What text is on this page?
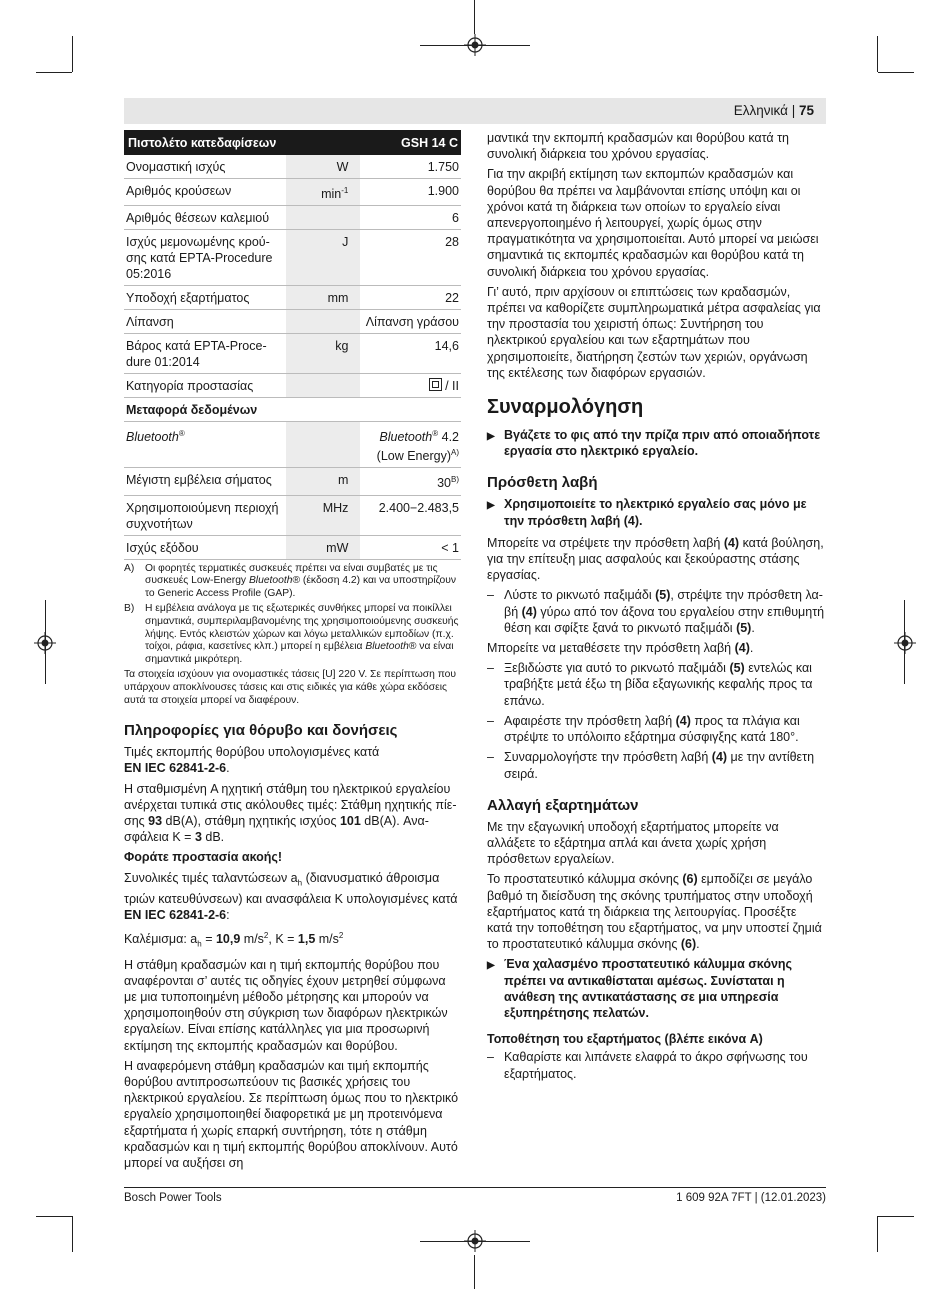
Ελληνικά | 75
Πιστολέτο κατεδαφίσεων		GSH 14 C
Ονομαστική ισχύς	W	1.750
Αριθμός κρούσεων	$\min^{-1}$	1.900
Αριθμός θέσεων καλεμιού		6
Ισχύς μεμονωμένης κρούσης κατά EPTA-Procedure 05:2016	J	28
Υποδοχή εξαρτήματος	mm	22
Λίπανση		Λίπανση γράσου
Βάρος κατά EPTA-Procedure 01:2014	kg	14,6
Κατηγορία προστασίας		/ II
Μεταφορά δεδομένων		
Bluetooth®		Bluetooth® 4.2
(Low Energy)$^{A)}$
Μέγιστη εμβέλεια σήματος	m	$30^{B)}$
Χρησιμοποιούμενη περιοχή συχνοτήτων	MHz	2.400−2.483,5
Ισχύς εξόδου	mW	< 1
A)	Οι φορητές τερματικές συσκευές πρέπει να είναι συμβατές με τις συσκευές Low-Energy Bluetooth® (έκδοση 4.2) και να υποστηρίζουν το Generic Access Profile (GAP).
B)	Η εμβέλεια ανάλογα με τις εξωτερικές συνθήκες μπορεί να ποικίλλει σημαντικά, συμπεριλαμβανομένης της χρησιμοποιούμενης συσκευής λήψης. Εντός κλειστών χώρων και λόγω μεταλλικών εμποδίων (π.χ. τοίχοι, ράφια, κασετίνες κλπ.) μπορεί η εμβέλεια Bluetooth® να είναι σημαντικά μικρότερη.
Τα στοιχεία ισχύουν για ονομαστικές τάσεις [U] 220 V. Σε περίπτωση που υπάρχουν αποκλίνουσες τάσεις και στις ειδικές για κάθε χώρα εκδόσεις αυτά τα στοιχεία μπορεί να διαφέρουν.
Πληροφορίες για θόρυβο και δονήσεις

Τιμές εκπομπής θορύβου υπολογισμένες κατά
EN IEC 62841-2-6.

Η σταθμισμένη A ηχητική στάθμη του ηλεκτρικού εργαλείου ανέρχεται τυπικά στις ακόλουθες τιμές: Στάθμη ηχητικής πίεσης 93 dB(A), στάθμη ηχητικής ισχύος 101 dB(A). Ανασφάλεια K = 3 dB.

Φοράτε προστασία ακοής!

Συνολικές τιμές ταλαντώσεων $a_h$ (διανυσματικό άθροισμα τριών κατευθύνσεων) και ανασφάλεια K υπολογισμένες κατά EN IEC 62841-2-6:

Καλέμισμα: $a_h = 10,9$ $m/s^2$, K = 1,5 $m/s^2$

Η στάθμη κραδασμών και η τιμή εκπομπής θορύβου που αναφέρονται σ’ αυτές τις οδηγίες έχουν μετρηθεί σύμφωνα με μια τυποποιημένη μέθοδο μέτρησης και μπορούν να χρησιμοποιηθούν στη σύγκριση των διαφόρων ηλεκτρικών εργαλείων. Είναι επίσης κατάλληλες για μια προσωρινή εκτίμηση της εκπομπής κραδασμών και θορύβου.

Η αναφερόμενη στάθμη κραδασμών και τιμή εκπομπής θορύβου αντιπροσωπεύουν τις βασικές χρήσεις του ηλεκτρικού εργαλείου. Σε περίπτωση όμως που το ηλεκτρικό εργαλείο χρησιμοποιηθεί διαφορετικά με μη προτεινόμενα εξαρτήματα ή χωρίς επαρκή συντήρηση, τότε η στάθμη κραδασμών και η τιμή εκπομπής θορύβου αποκλίνουν. Αυτό μπορεί να αυξήσει ση

μαντικά την εκπομπή κραδασμών και θορύβου κατά τη συνολική διάρκεια του χρόνου εργασίας.

Για την ακριβή εκτίμηση των εκπομπών κραδασμών και θορύβου θα πρέπει να λαμβάνονται επίσης υπόψη και οι χρόνοι κατά τη διάρκεια των οποίων το εργαλείο είναι απενεργοποιημένο ή λειτουργεί, χωρίς όμως στην πραγματικότητα να χρησιμοποιείται. Αυτό μπορεί να μειώσει σημαντικά τις εκπομπές κραδασμών και θορύβου κατά τη συνολική διάρκεια του χρόνου εργασίας.

Γι’ αυτό, πριν αρχίσουν οι επιπτώσεις των κραδασμών, πρέπει να καθορίζετε συμπληρωματικά μέτρα ασφαλείας για την προστασία του χειριστή όπως: Συντήρηση του ηλεκτρικού εργαλείου και των εξαρτημάτων που χρησιμοποιείτε, διατήρηση ζεστών των χεριών, οργάνωση της εκτέλεσης των διαφόρων εργασιών.

Συναρμολόγηση
▶ Βγάζετε το φις από την πρίζα πριν από οποιαδήποτε εργασία στο ηλεκτρικό εργαλείο.
Πρόσθετη λαβή
▶ Χρησιμοποιείτε το ηλεκτρικό εργαλείο σας μόνο με την πρόσθετη λαβή (4).

Μπορείτε να στρέψετε την πρόσθετη λαβή (4) κατά βούληση, για την επίτευξη μιας ασφαλούς και ξεκούραστης στάσης εργασίας.

– Λύστε το ρικνωτό παξιμάδι (5), στρέψτε την πρόσθετη λαβή (4) γύρω από τον άξονα του εργαλείου στην επιθυμητή θέση και σφίξτε ξανά το ρικνωτό παξιμάδι (5).

Μπορείτε να μεταθέσετε την πρόσθετη λαβή (4).

– Ξεβιδώστε για αυτό το ρικνωτό παξιμάδι (5) εντελώς και τραβήξτε μετά έξω τη βίδα εξαγωνικής κεφαλής προς τα επάνω.
– Αφαιρέστε την πρόσθετη λαβή (4) προς τα πλάγια και στρέψτε το υπόλοιπο εξάρτημα σύσφιγξης κατά 180°.
– Συναρμολογήστε την πρόσθετη λαβή (4) με την αντίθετη σειρά.
Αλλαγή εξαρτημάτων

Με την εξαγωνική υποδοχή εξαρτήματος μπορείτε να αλλάξετε το εξάρτημα απλά και άνετα χωρίς χρήση πρόσθετων εργαλείων.

Το προστατευτικό κάλυμμα σκόνης (6) εμποδίζει σε μεγάλο βαθμό τη διείσδυση της σκόνης τρυπήματος στην υποδοχή εξαρτήματος κατά τη διάρκεια της λειτουργίας. Προσέξτε κατά την τοποθέτηση του εξαρτήματος, να μην υποστεί ζημιά το προστατευτικό κάλυμμα σκόνης (6).

▶ Ένα χαλασμένο προστατευτικό κάλυμμα σκόνης πρέπει να αντικαθίσταται αμέσως. Συνίσταται η ανάθεση της αντικατάστασης σε μια υπηρεσία εξυπηρέτησης πελατών.
Τοποθέτηση του εξαρτήματος (βλέπε εικόνα A)
– Καθαρίστε και λιπάνετε ελαφρά το άκρο σφήνωσης του εξαρτήματος.
Bosch Power Tools	1 609 92A 7FT | (12.01.2023)
